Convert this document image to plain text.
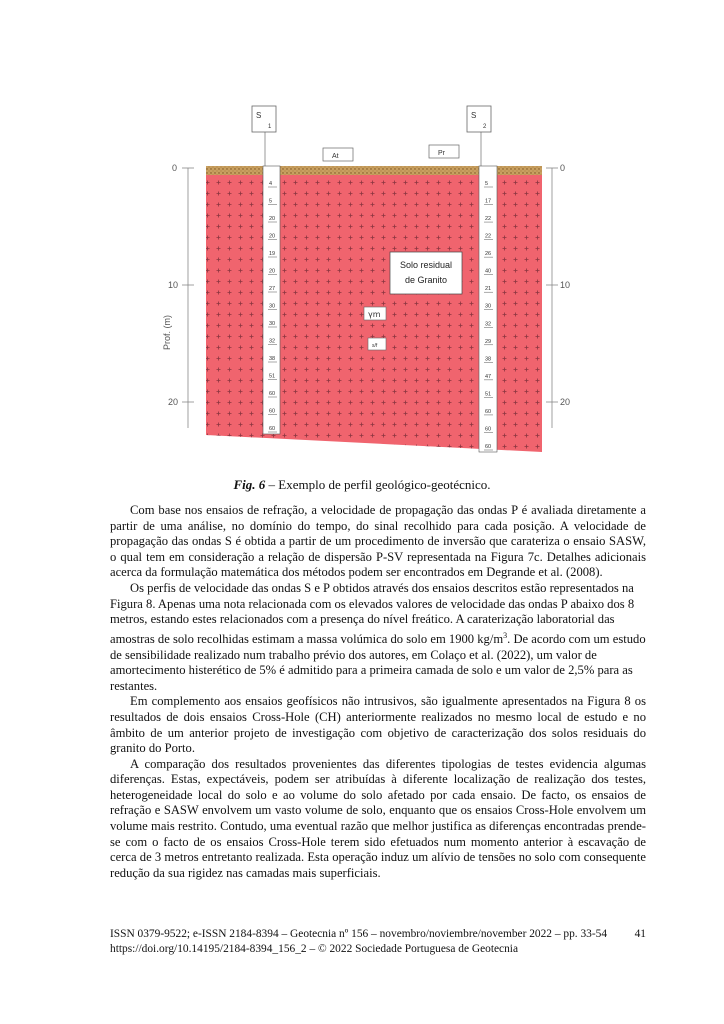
0
10
20
0
10
20
Prof. (m)
S
1
S
2
At	Pr
Solo residual
de Granito
γm
s/f
4
5
20
20
19
20
27
30
30
32
38
51
60
60
60
5
17
22
22
26
40
21
30
32
29
38
47
51
60
60
60
Fig. 6 – Exemplo de perfil geológico-geotécnico.

Com base nos ensaios de refração, a velocidade de propagação das ondas P é avaliada diretamente a partir de uma análise, no domínio do tempo, do sinal recolhido para cada posição. A velocidade de propagação das ondas S é obtida a partir de um procedimento de inversão que carateriza o ensaio SASW, o qual tem em consideração a relação de dispersão P-SV representada na Figura 7c. Detalhes adicionais acerca da formulação matemática dos métodos podem ser encontrados em Degrande et al. (2008).

Os perfis de velocidade das ondas S e P obtidos através dos ensaios descritos estão representados na Figura 8. Apenas uma nota relacionada com os elevados valores de velocidade das ondas P abaixo dos 8 metros, estando estes relacionados com a presença do nível freático. A caraterização laboratorial das amostras de solo recolhidas estimam a massa volúmica do solo em 1900 $kg/m^3$. De acordo com um estudo de sensibilidade realizado num trabalho prévio dos autores, em Colaço et al. (2022), um valor de amortecimento histerético de 5% é admitido para a primeira camada de solo e um valor de 2,5% para as restantes.

Em complemento aos ensaios geofísicos não intrusivos, são igualmente apresentados na Figura 8 os resultados de dois ensaios Cross-Hole (CH) anteriormente realizados no mesmo local de estudo e no âmbito de um anterior projeto de investigação com objetivo de caracterização dos solos residuais do granito do Porto.

A comparação dos resultados provenientes das diferentes tipologias de testes evidencia algumas diferenças. Estas, expectáveis, podem ser atribuídas à diferente localização de realização dos testes, heterogeneidade local do solo e ao volume do solo afetado por cada ensaio. De facto, os ensaios de refração e SASW envolvem um vasto volume de solo, enquanto que os ensaios Cross-Hole envolvem um volume mais restrito. Contudo, uma eventual razão que melhor justifica as diferenças encontradas prende-se com o facto de os ensaios Cross-Hole terem sido efetuados num momento anterior à escavação de cerca de 3 metros entretanto realizada. Esta operação induz um alívio de tensões no solo com consequente redução da sua rigidez nas camadas mais superficiais.

ISSN 0379-9522; e-ISSN 2184-8394 – Geotecnia nº 156 – novembro/noviembre/november 2022 – pp. 33-54 41
https://doi.org/10.14195/2184-8394_156_2 – © 2022 Sociedade Portuguesa de Geotecnia
